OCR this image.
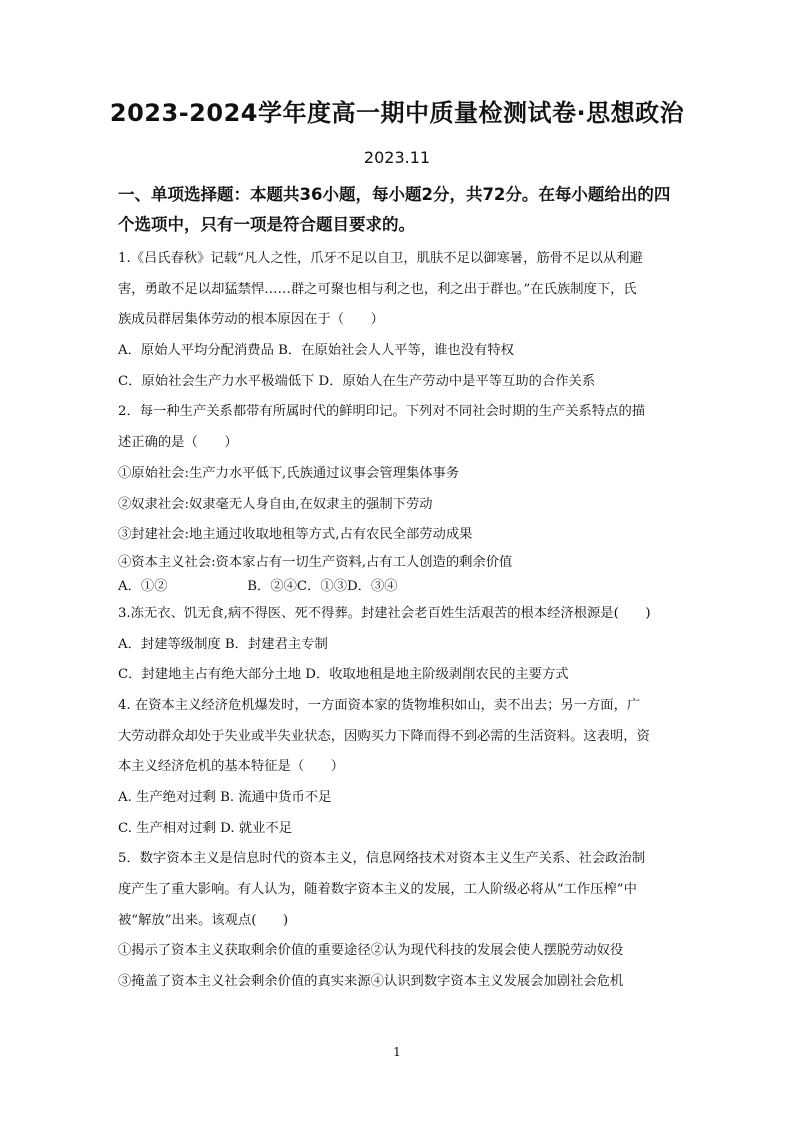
2023-2024学年度高一期中质量检测试卷·思想政治
2023.11
一、单项选择题：本题共36小题，每小题2分，共72分。在每小题给出的四
个选项中，只有一项是符合题目要求的。
1.《吕氏春秋》记载“凡人之性，爪牙不足以自卫，肌肤不足以御寒暑，筋骨不足以从利避
害，勇敢不足以却猛禁悍……群之可聚也相与利之也，利之出于群也。”在氏族制度下，氏
族成员群居集体劳动的根本原因在于（　　）
A．原始人平均分配消费品 B．在原始社会人人平等，谁也没有特权
C．原始社会生产力水平极端低下 D．原始人在生产劳动中是平等互助的合作关系
2．每一种生产关系都带有所属时代的鲜明印记。下列对不同社会时期的生产关系特点的描
述正确的是（　　）
①原始社会:生产力水平低下,氏族通过议事会管理集体事务
②奴隶社会:奴隶毫无人身自由,在奴隶主的强制下劳动
③封建社会:地主通过收取地租等方式,占有农民全部劳动成果
④资本主义社会:资本家占有一切生产资料,占有工人创造的剩余价值
A．①②　　　　　　B．②④C．①③D．③④
3.冻无衣、饥无食,病不得医、死不得葬。封建社会老百姓生活艰苦的根本经济根源是(　　)
A．封建等级制度 B．封建君主专制
C．封建地主占有绝大部分土地 D．收取地租是地主阶级剥削农民的主要方式
4. 在资本主义经济危机爆发时，一方面资本家的货物堆积如山，卖不出去；另一方面，广
大劳动群众却处于失业或半失业状态，因购买力下降而得不到必需的生活资料。这表明，资
本主义经济危机的基本特征是（　　）
A. 生产绝对过剩 B. 流通中货币不足
C. 生产相对过剩 D. 就业不足
5．数字资本主义是信息时代的资本主义，信息网络技术对资本主义生产关系、社会政治制
度产生了重大影响。有人认为，随着数字资本主义的发展，工人阶级必将从“工作压榨”中
被“解放”出来。该观点(　　)
①揭示了资本主义获取剩余价值的重要途径②认为现代科技的发展会使人摆脱劳动奴役
③掩盖了资本主义社会剩余价值的真实来源④认识到数字资本主义发展会加剧社会危机
1
